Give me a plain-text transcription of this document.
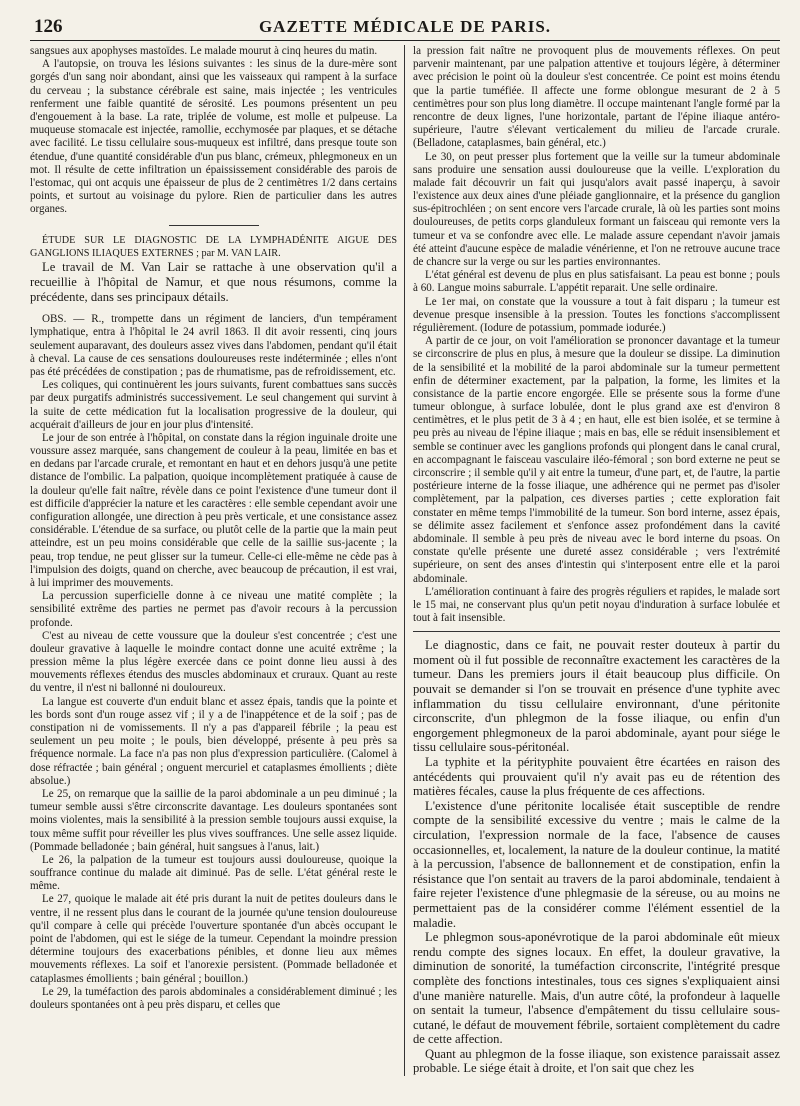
126	GAZETTE MÉDICALE DE PARIS.

sangsues aux apophyses mastoïdes. Le malade mourut à cinq heures du matin.

A l'autopsie, on trouva les lésions suivantes : les sinus de la dure-mère sont gorgés d'un sang noir abondant, ainsi que les vaisseaux qui rampent à la surface du cerveau ; la substance cérébrale est saine, mais injectée ; les ventricules renferment une faible quantité de sérosité. Les poumons présentent un peu d'engouement à la base. La rate, triplée de volume, est molle et pulpeuse. La muqueuse stomacale est injectée, ramollie, ecchymosée par plaques, et se détache avec facilité. Le tissu cellulaire sous-muqueux est infiltré, dans presque toute son étendue, d'une quantité considérable d'un pus blanc, crémeux, phlegmoneux en un mot. Il résulte de cette infiltration un épaississement considérable des parois de l'estomac, qui ont acquis une épaisseur de plus de 2 centimètres 1/2 dans certains points, et surtout au voisinage du pylore. Rien de particulier dans les autres organes.

ÉTUDE SUR LE DIAGNOSTIC DE LA LYMPHADÉNITE AIGUE DES GANGLIONS ILIAQUES EXTERNES ; par M. VAN LAIR.

Le travail de M. Van Lair se rattache à une observation qu'il a recueillie à l'hôpital de Namur, et que nous résumons, comme la précédente, dans ses principaux détails.

OBS. — R., trompette dans un régiment de lanciers, d'un tempérament lymphatique, entra à l'hôpital le 24 avril 1863. Il dit avoir ressenti, cinq jours seulement auparavant, des douleurs assez vives dans l'abdomen, pendant qu'il était à cheval. La cause de ces sensations douloureuses reste indéterminée ; elles n'ont pas été précédées de constipation ; pas de rhumatisme, pas de refroidissement, etc.

Les coliques, qui continuèrent les jours suivants, furent combattues sans succès par deux purgatifs administrés successivement. Le seul changement qui survint à la suite de cette médication fut la localisation progressive de la douleur, qui acquérait d'ailleurs de jour en jour plus d'intensité.

Le jour de son entrée à l'hôpital, on constate dans la région inguinale droite une voussure assez marquée, sans changement de couleur à la peau, limitée en bas et en dedans par l'arcade crurale, et remontant en haut et en dehors jusqu'à une petite distance de l'ombilic. La palpation, quoique incomplètement pratiquée à cause de la douleur qu'elle fait naître, révèle dans ce point l'existence d'une tumeur dont il est difficile d'apprécier la nature et les caractères : elle semble cependant avoir une configuration allongée, une direction à peu près verticale, et une consistance assez considérable. L'étendue de sa surface, ou plutôt celle de la partie que la main peut atteindre, est un peu moins considérable que celle de la saillie sus-jacente ; la peau, trop tendue, ne peut glisser sur la tumeur. Celle-ci elle-même ne cède pas à l'impulsion des doigts, quand on cherche, avec beaucoup de précaution, il est vrai, à lui imprimer des mouvements.

La percussion superficielle donne à ce niveau une matité complète ; la sensibilité extrême des parties ne permet pas d'avoir recours à la percussion profonde.

C'est au niveau de cette voussure que la douleur s'est concentrée ; c'est une douleur gravative à laquelle le moindre contact donne une acuité extrême ; la pression même la plus légère exercée dans ce point donne lieu aussi à des mouvements réflexes étendus des muscles abdominaux et cruraux. Quant au reste du ventre, il n'est ni ballonné ni douloureux.

La langue est couverte d'un enduit blanc et assez épais, tandis que la pointe et les bords sont d'un rouge assez vif ; il y a de l'inappétence et de la soif ; pas de constipation ni de vomissements. Il n'y a pas d'appareil fébrile ; la peau est seulement un peu moite ; le pouls, bien développé, présente à peu près sa fréquence normale. La face n'a pas non plus d'expression particulière. (Calomel à dose réfractée ; bain général ; onguent mercuriel et cataplasmes émollients ; diète absolue.)

Le 25, on remarque que la saillie de la paroi abdominale a un peu diminué ; la tumeur semble aussi s'être circonscrite davantage. Les douleurs spontanées sont moins violentes, mais la sensibilité à la pression semble toujours aussi exquise, la toux même suffit pour réveiller les plus vives souffrances. Une selle assez liquide. (Pommade belladonée ; bain général, huit sangsues à l'anus, lait.)

Le 26, la palpation de la tumeur est toujours aussi douloureuse, quoique la souffrance continue du malade ait diminué. Pas de selle. L'état général reste le même.

Le 27, quoique le malade ait été pris durant la nuit de petites douleurs dans le ventre, il ne ressent plus dans le courant de la journée qu'une tension douloureuse qu'il compare à celle qui précède l'ouverture spontanée d'un abcès occupant le point de l'abdomen, qui est le siége de la tumeur. Cependant la moindre pression détermine toujours des exacerbations pénibles, et donne lieu aux mêmes mouvements réflexes. La soif et l'anorexie persistent. (Pommade belladonée et cataplasmes émollients ; bain général ; bouillon.)

Le 29, la tuméfaction des parois abdominales a considérablement diminué ; les douleurs spontanées ont à peu près disparu, et celles que

la pression fait naître ne provoquent plus de mouvements réflexes. On peut parvenir maintenant, par une palpation attentive et toujours légère, à déterminer avec précision le point où la douleur s'est concentrée. Ce point est moins étendu que la partie tuméfiée. Il affecte une forme oblongue mesurant de 2 à 5 centimètres pour son plus long diamètre. Il occupe maintenant l'angle formé par la rencontre de deux lignes, l'une horizontale, partant de l'épine iliaque antéro-supérieure, l'autre s'élevant verticalement du milieu de l'arcade crurale. (Belladone, cataplasmes, bain général, etc.)

Le 30, on peut presser plus fortement que la veille sur la tumeur abdominale sans produire une sensation aussi douloureuse que la veille. L'exploration du malade fait découvrir un fait qui jusqu'alors avait passé inaperçu, à savoir l'existence aux deux aines d'une pléiade ganglionnaire, et la présence du ganglion sus-épitrochléen ; on sent encore vers l'arcade crurale, là où les parties sont moins douloureuses, de petits corps glanduleux formant un faisceau qui remonte vers la tumeur et va se confondre avec elle. Le malade assure cependant n'avoir jamais été atteint d'aucune espèce de maladie vénérienne, et l'on ne retrouve aucune trace de chancre sur la verge ou sur les parties environnantes.

L'état général est devenu de plus en plus satisfaisant. La peau est bonne ; pouls à 60. Langue moins saburrale. L'appétit reparait. Une selle ordinaire.

Le 1er mai, on constate que la voussure a tout à fait disparu ; la tumeur est devenue presque insensible à la pression. Toutes les fonctions s'accomplissent régulièrement. (Iodure de potassium, pommade iodurée.)

A partir de ce jour, on voit l'amélioration se prononcer davantage et la tumeur se circonscrire de plus en plus, à mesure que la douleur se dissipe. La diminution de la sensibilité et la mobilité de la paroi abdominale sur la tumeur permettent enfin de déterminer exactement, par la palpation, la forme, les limites et la consistance de la partie encore engorgée. Elle se présente sous la forme d'une tumeur oblongue, à surface lobulée, dont le plus grand axe est d'environ 8 centimètres, et le plus petit de 3 à 4 ; en haut, elle est bien isolée, et se termine à peu près au niveau de l'épine iliaque ; mais en bas, elle se réduit insensiblement et semble se continuer avec les ganglions profonds qui plongent dans le canal crural, en accompagnant le faisceau vasculaire iléo-fémoral ; son bord externe ne peut se circonscrire ; il semble qu'il y ait entre la tumeur, d'une part, et, de l'autre, la partie postérieure interne de la fosse iliaque, une adhérence qui ne permet pas d'isoler complètement, par la palpation, ces diverses parties ; cette exploration fait constater en même temps l'immobilité de la tumeur. Son bord interne, assez épais, se délimite assez facilement et s'enfonce assez profondément dans la cavité abdominale. Il semble à peu près de niveau avec le bord interne du psoas. On constate qu'elle présente une dureté assez considérable ; vers l'extrémité supérieure, on sent des anses d'intestin qui s'interposent entre elle et la paroi abdominale.

L'amélioration continuant à faire des progrès réguliers et rapides, le malade sort le 15 mai, ne conservant plus qu'un petit noyau d'induration à surface lobulée et tout à fait insensible.

Le diagnostic, dans ce fait, ne pouvait rester douteux à partir du moment où il fut possible de reconnaître exactement les caractères de la tumeur. Dans les premiers jours il était beaucoup plus difficile. On pouvait se demander si l'on se trouvait en présence d'une typhite avec inflammation du tissu cellulaire environnant, d'une péritonite circonscrite, d'un phlegmon de la fosse iliaque, ou enfin d'un engorgement phlegmoneux de la paroi abdominale, ayant pour siége le tissu cellulaire sous-péritonéal.

La typhite et la pérityphite pouvaient être écartées en raison des antécédents qui prouvaient qu'il n'y avait pas eu de rétention des matières fécales, cause la plus fréquente de ces affections.

L'existence d'une péritonite localisée était susceptible de rendre compte de la sensibilité excessive du ventre ; mais le calme de la circulation, l'expression normale de la face, l'absence de causes occasionnelles, et, localement, la nature de la douleur continue, la matité à la percussion, l'absence de ballonnement et de constipation, enfin la résistance que l'on sentait au travers de la paroi abdominale, tendaient à faire rejeter l'existence d'une phlegmasie de la séreuse, ou au moins ne permettaient pas de la considérer comme l'élément essentiel de la maladie.

Le phlegmon sous-aponévrotique de la paroi abdominale eût mieux rendu compte des signes locaux. En effet, la douleur gravative, la diminution de sonorité, la tuméfaction circonscrite, l'intégrité presque complète des fonctions intestinales, tous ces signes s'expliquaient ainsi d'une manière naturelle. Mais, d'un autre côté, la profondeur à laquelle on sentait la tumeur, l'absence d'empâtement du tissu cellulaire sous-cutané, le défaut de mouvement fébrile, sortaient complètement du cadre de cette affection.

Quant au phlegmon de la fosse iliaque, son existence paraissait assez probable. Le siége était à droite, et l'on sait que chez les
